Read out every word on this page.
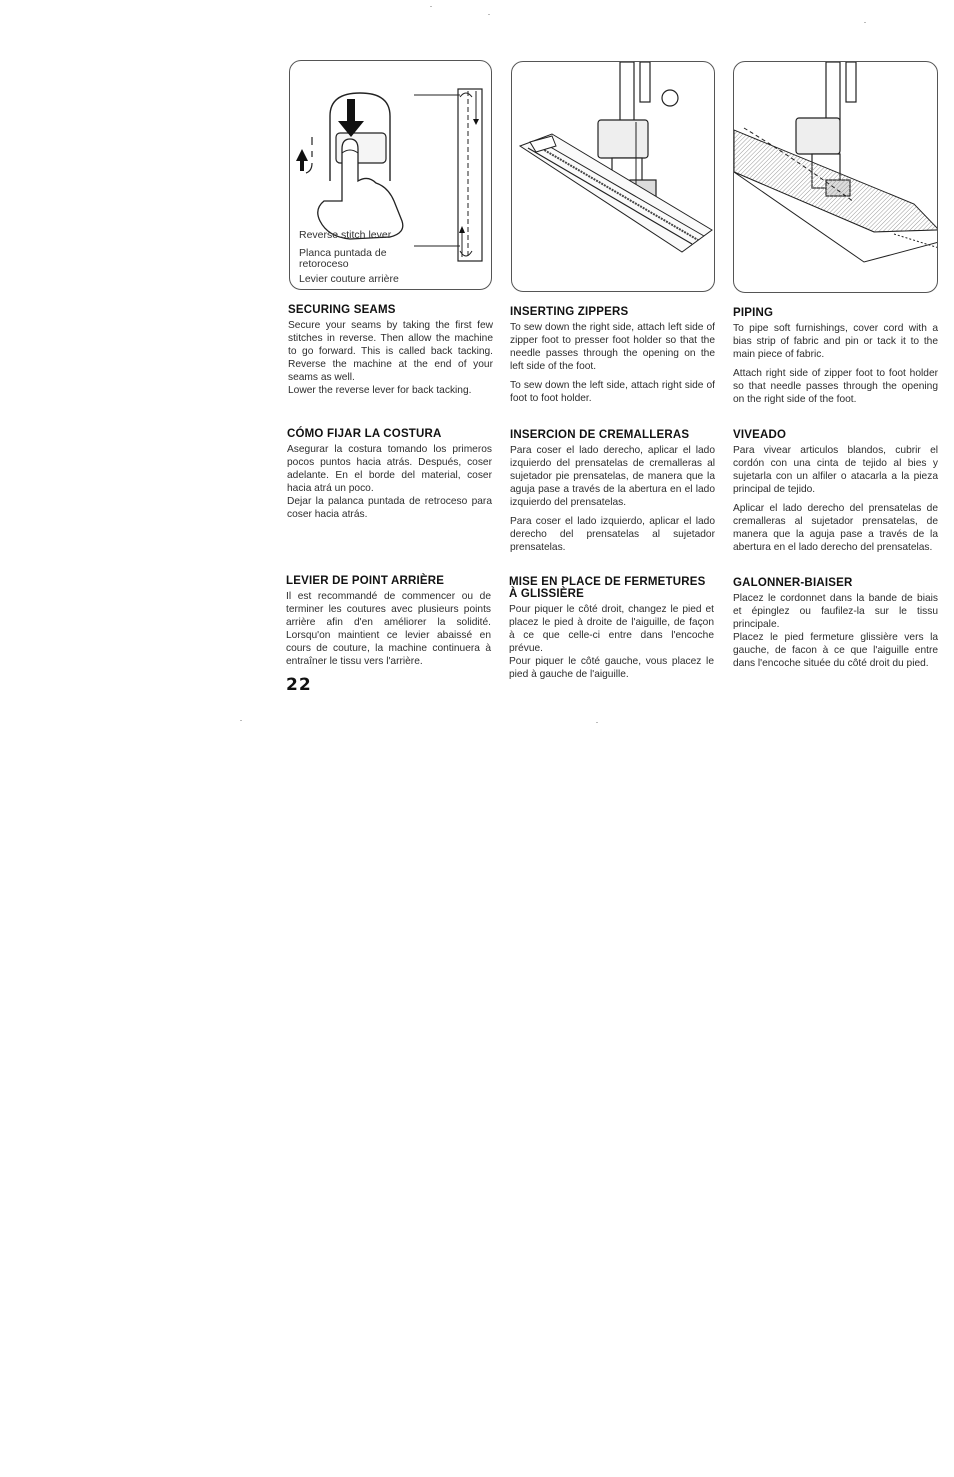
Reverse stitch lever
Planca puntada de retoroceso
Levier couture arrière
SECURING SEAMS

Secure your seams by taking the first few stitches in reverse. Then allow the machine to go forward. This is called back tacking. Reverse the machine at the end of your seams as well.

Lower the reverse lever for back tacking.

CÓMO FIJAR LA COSTURA

Asegurar la costura tomando los primeros pocos puntos hacia atrás. Después, coser adelante. En el borde del material, coser hacia atrá un poco.

Dejar la palanca puntada de retroceso para coser hacia atrás.

LEVIER DE POINT ARRIÈRE

Il est recommandé de commencer ou de terminer les coutures avec plusieurs points arrière afin d'en améliorer la solidité. Lorsqu'on maintient ce levier abaissé en cours de couture, la machine continuera à entraîner le tissu vers l'arrière.

INSERTING ZIPPERS

To sew down the right side, attach left side of zipper foot to presser foot holder so that the needle passes through the opening on the left side of the foot.

To sew down the left side, attach right side of foot to foot holder.

INSERCION DE CREMALLERAS

Para coser el lado derecho, aplicar el lado izquierdo del prensatelas de cremalleras al sujetador pie prensatelas, de manera que la aguja pase a través de la abertura en el lado izquierdo del prensatelas.

Para coser el lado izquierdo, aplicar el lado derecho del prensatelas al sujetador prensatelas.

MISE EN PLACE DE FERMETURES À GLISSIÈRE

Pour piquer le côté droit, changez le pied et placez le pied à droite de l'aiguille, de façon à ce que celle-ci entre dans l'encoche prévue.

Pour piquer le côté gauche, vous placez le pied à gauche de l'aiguille.

PIPING

To pipe soft furnishings, cover cord with a bias strip of fabric and pin or tack it to the main piece of fabric.

Attach right side of zipper foot to foot holder so that needle passes through the opening on the right side of the foot.

VIVEADO

Para vivear articulos blandos, cubrir el cordón con una cinta de tejido al bies y sujetarla con un alfiler o atacarla a la pieza principal de tejido.

Aplicar el lado derecho del prensatelas de cremalleras al sujetador prensatelas, de manera que la aguja pase a través de la abertura en el lado derecho del prensatelas.

GALONNER-BIAISER

Placez le cordonnet dans la bande de biais et épinglez ou faufilez-la sur le tissu principale.

Placez le pied fermeture glissière vers la gauche, de facon à ce que l'aiguille entre dans l'encoche située du côté droit du pied.

22
